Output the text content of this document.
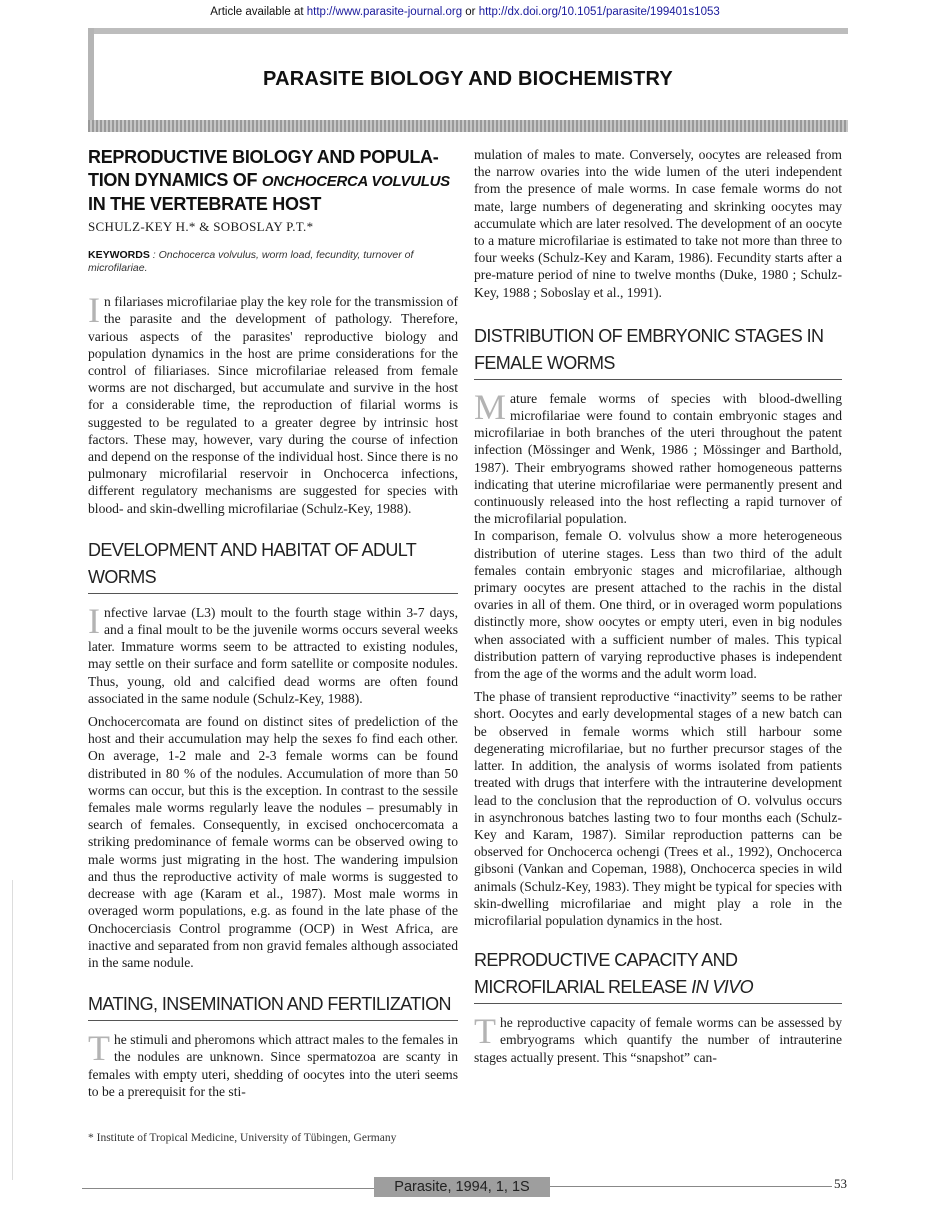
Article available at http://www.parasite-journal.org or http://dx.doi.org/10.1051/parasite/199401s1053
PARASITE BIOLOGY AND BIOCHEMISTRY
REPRODUCTIVE BIOLOGY AND POPULA-
TION DYNAMICS OF ONCHOCERCA VOLVULUS
IN THE VERTEBRATE HOST
SCHULZ-KEY H.* & SOBOSLAY P.T.*
KEYWORDS : Onchocerca volvulus, worm load, fecundity, turnover of microfilariae.

In filariases microfilariae play the key role for the transmission of the parasite and the development of pathology. Therefore, various aspects of the parasites' reproductive biology and population dynamics in the host are prime considerations for the control of filiariases. Since microfilariae released from female worms are not discharged, but accumulate and survive in the host for a considerable time, the reproduction of filarial worms is suggested to be regulated to a greater degree by intrinsic host factors. These may, however, vary during the course of infection and depend on the response of the individual host. Since there is no pulmonary microfilarial reservoir in Onchocerca infections, different regulatory mechanisms are suggested for species with blood- and skin-dwelling microfilariae (Schulz-Key, 1988).

DEVELOPMENT AND HABITAT OF ADULT WORMS

Infective larvae (L3) moult to the fourth stage within 3-7 days, and a final moult to be the juvenile worms occurs several weeks later. Immature worms seem to be attracted to existing nodules, may settle on their surface and form satellite or composite nodules. Thus, young, old and calcified dead worms are often found associated in the same nodule (Schulz-Key, 1988).

Onchocercomata are found on distinct sites of predeliction of the host and their accumulation may help the sexes fo find each other. On average, 1-2 male and 2-3 female worms can be found distributed in 80 % of the nodules. Accumulation of more than 50 worms can occur, but this is the exception. In contrast to the sessile females male worms regularly leave the nodules – presumably in search of females. Consequently, in excised onchocercomata a striking predominance of female worms can be observed owing to male worms just migrating in the host. The wandering impulsion and thus the reproductive activity of male worms is suggested to decrease with age (Karam et al., 1987). Most male worms in overaged worm populations, e.g. as found in the late phase of the Onchocerciasis Control programme (OCP) in West Africa, are inactive and separated from non gravid females although associated in the same nodule.

MATING, INSEMINATION AND FERTILIZATION

The stimuli and pheromons which attract males to the females in the nodules are unknown. Since spermatozoa are scanty in females with empty uteri, shedding of oocytes into the uteri seems to be a prerequisit for the sti-

* Institute of Tropical Medicine, University of Tübingen, Germany

mulation of males to mate. Conversely, oocytes are released from the narrow ovaries into the wide lumen of the uteri independent from the presence of male worms. In case female worms do not mate, large numbers of degenerating and skrinking oocytes may accumulate which are later resolved. The development of an oocyte to a mature microfilariae is estimated to take not more than three to four weeks (Schulz-Key and Karam, 1986). Fecundity starts after a pre-mature period of nine to twelve months (Duke, 1980 ; Schulz-Key, 1988 ; Soboslay et al., 1991).

DISTRIBUTION OF EMBRYONIC STAGES IN FEMALE WORMS

Mature female worms of species with blood-dwelling microfilariae were found to contain embryonic stages and microfilariae in both branches of the uteri throughout the patent infection (Mössinger and Wenk, 1986 ; Mössinger and Barthold, 1987). Their embryograms showed rather homogeneous patterns indicating that uterine microfilariae were permanently present and continuously released into the host reflecting a rapid turnover of the microfilarial population.

In comparison, female O. volvulus show a more heterogeneous distribution of uterine stages. Less than two third of the adult females contain embryonic stages and microfilariae, although primary oocytes are present attached to the rachis in the distal ovaries in all of them. One third, or in overaged worm populations distinctly more, show oocytes or empty uteri, even in big nodules when associated with a sufficient number of males. This typical distribution pattern of varying reproductive phases is independent from the age of the worms and the adult worm load.

The phase of transient reproductive “inactivity” seems to be rather short. Oocytes and early developmental stages of a new batch can be observed in female worms which still harbour some degenerating microfilariae, but no further precursor stages of the latter. In addition, the analysis of worms isolated from patients treated with drugs that interfere with the intrauterine development lead to the conclusion that the reproduction of O. volvulus occurs in asynchronous batches lasting two to four months each (Schulz-Key and Karam, 1987). Similar reproduction patterns can be observed for Onchocerca ochengi (Trees et al., 1992), Onchocerca gibsoni (Vankan and Copeman, 1988), Onchocerca species in wild animals (Schulz-Key, 1983). They might be typical for species with skin-dwelling microfilariae and might play a role in the microfilarial population dynamics in the host.

REPRODUCTIVE CAPACITY AND MICROFILARIAL RELEASE IN VIVO

The reproductive capacity of female worms can be assessed by embryograms which quantify the number of intrauterine stages actually present. This “snapshot” can-

Parasite, 1994, 1, 1S	53
